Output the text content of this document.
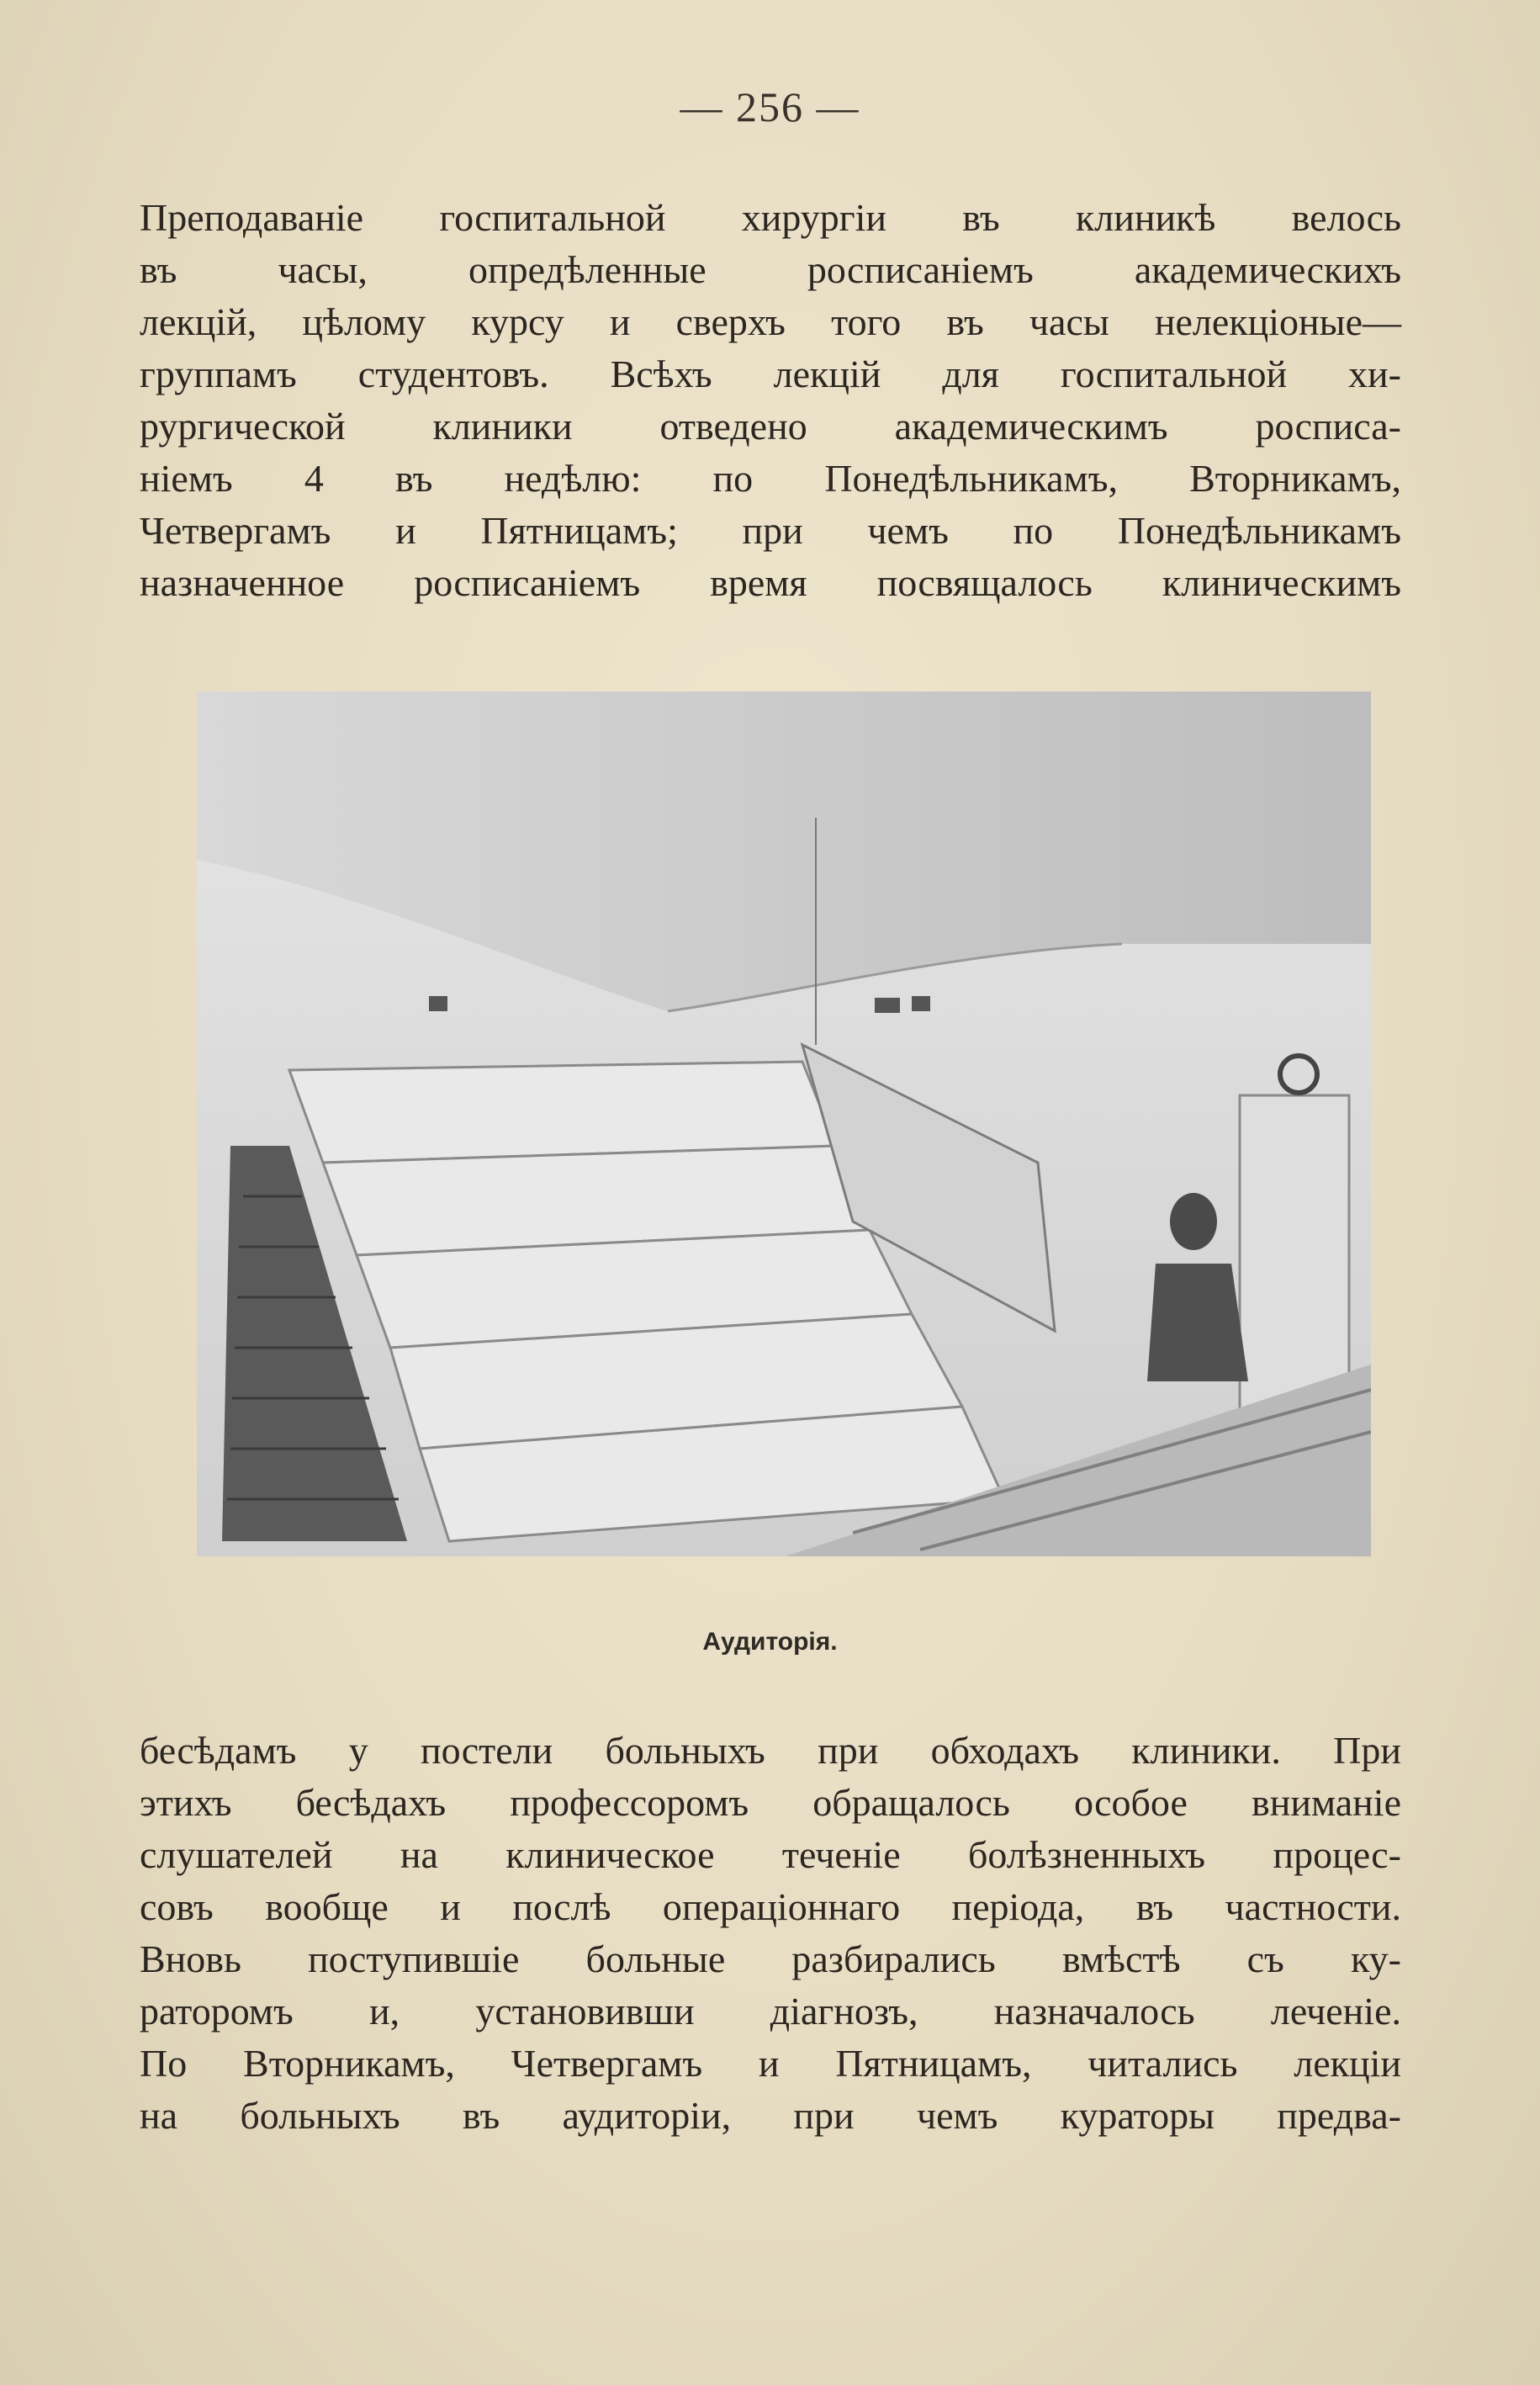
— 256 —
Преподаванiе госпитальной хирургiи въ клиникѣ велось
въ часы, опредѣленные росписанiемъ академическихъ
лекцiй, цѣлому курсу и сверхъ того въ часы нелекцiоные—
группамъ студентовъ. Всѣхъ лекцiй для госпитальной хи-
рургической клиники отведено академическимъ росписа-
нiемъ 4 въ недѣлю: по Понедѣльникамъ, Вторникамъ,
Четвергамъ и Пятницамъ; при чемъ по Понедѣльникамъ
назначенное росписанiемъ время посвящалось клиническимъ
Аудиторiя.
бесѣдамъ у постели больныхъ при обходахъ клиники. При
этихъ бесѣдахъ профессоромъ обращалось особое вниманiе
слушателей на клиническое теченiе болѣзненныхъ процес-
совъ вообще и послѣ операцiоннаго перiода, въ частности.
Вновь поступившiе больные разбирались вмѣстѣ съ ку-
раторомъ и, установивши дiагнозъ, назначалось леченiе.
По Вторникамъ, Четвергамъ и Пятницамъ, читались лекцiи
на больныхъ въ аудиторiи, при чемъ кураторы предва-
